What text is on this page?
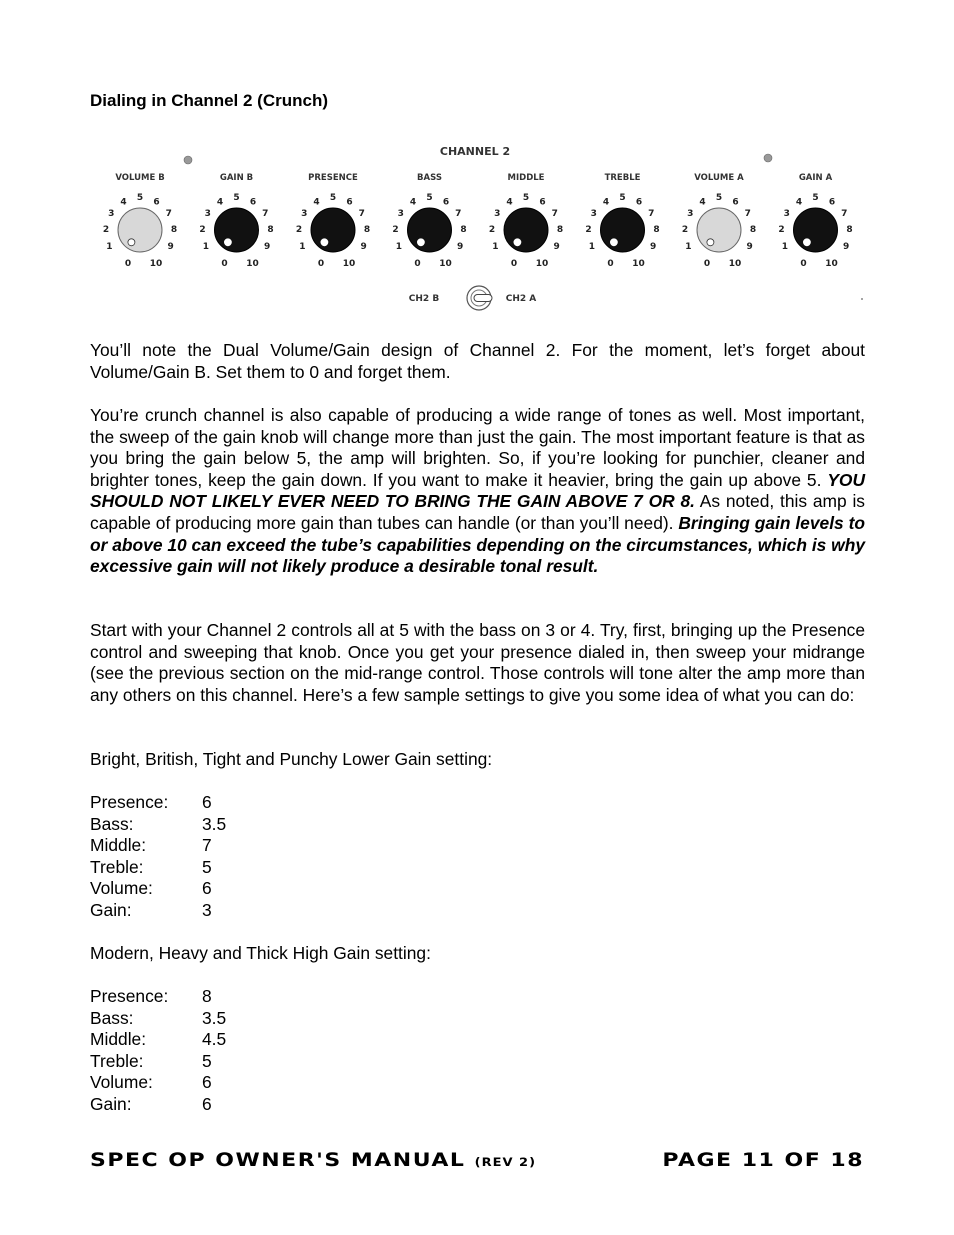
Dialing in Channel 2 (Crunch)
CHANNEL 2
VOLUME B
0
1
2
3
4 5 6
7
8
9
10
GAIN B
0
1
2
3
4 5 6
7
8
9
10
PRESENCE
0
1
2
3
4 5 6
7
8
9
10
BASS
0
1
2
3
4 5 6
7
8
9
10
MIDDLE
0
1
2
3
4 5 6
7
8
9
10
TREBLE
0
1
2
3
4 5 6
7
8
9
10
VOLUME A
0
1
2
3
4 5 6
7
8
9
10
GAIN A
0
1
2
3
4 5 6
7
8
9
10
CH2 B	CH2 A

You’ll note the Dual Volume/Gain design of Channel 2. For the moment, let’s forget about Volume/Gain B. Set them to 0 and forget them.

You’re crunch channel is also capable of producing a wide range of tones as well. Most important, the sweep of the gain knob will change more than just the gain. The most important feature is that as you bring the gain below 5, the amp will brighten. So, if you’re looking for punchier, cleaner and brighter tones, keep the gain down. If you want to make it heavier, bring the gain up above 5. YOU SHOULD NOT LIKELY EVER NEED TO BRING THE GAIN ABOVE 7 OR 8. As noted, this amp is capable of producing more gain than tubes can handle (or than you’ll need). Bringing gain levels to or above 10 can exceed the tube’s capabilities depending on the circumstances, which is why excessive gain will not likely produce a desirable tonal result.

Start with your Channel 2 controls all at 5 with the bass on 3 or 4. Try, first, bringing up the Presence control and sweeping that knob. Once you get your presence dialed in, then sweep your midrange (see the previous section on the mid-range control. Those controls will tone alter the amp more than any others on this channel. Here’s a few sample settings to give you some idea of what you can do:

Bright, British, Tight and Punchy Lower Gain setting:
Presence:	6
Bass:	3.5
Middle:	7
Treble:	5
Volume:	6
Gain:	3
Modern, Heavy and Thick High Gain setting:
Presence:	8
Bass:	3.5
Middle:	4.5
Treble:	5
Volume:	6
Gain:	6
SPEC OP OWNER'S MANUAL (REV 2)	PAGE 11 OF 18
